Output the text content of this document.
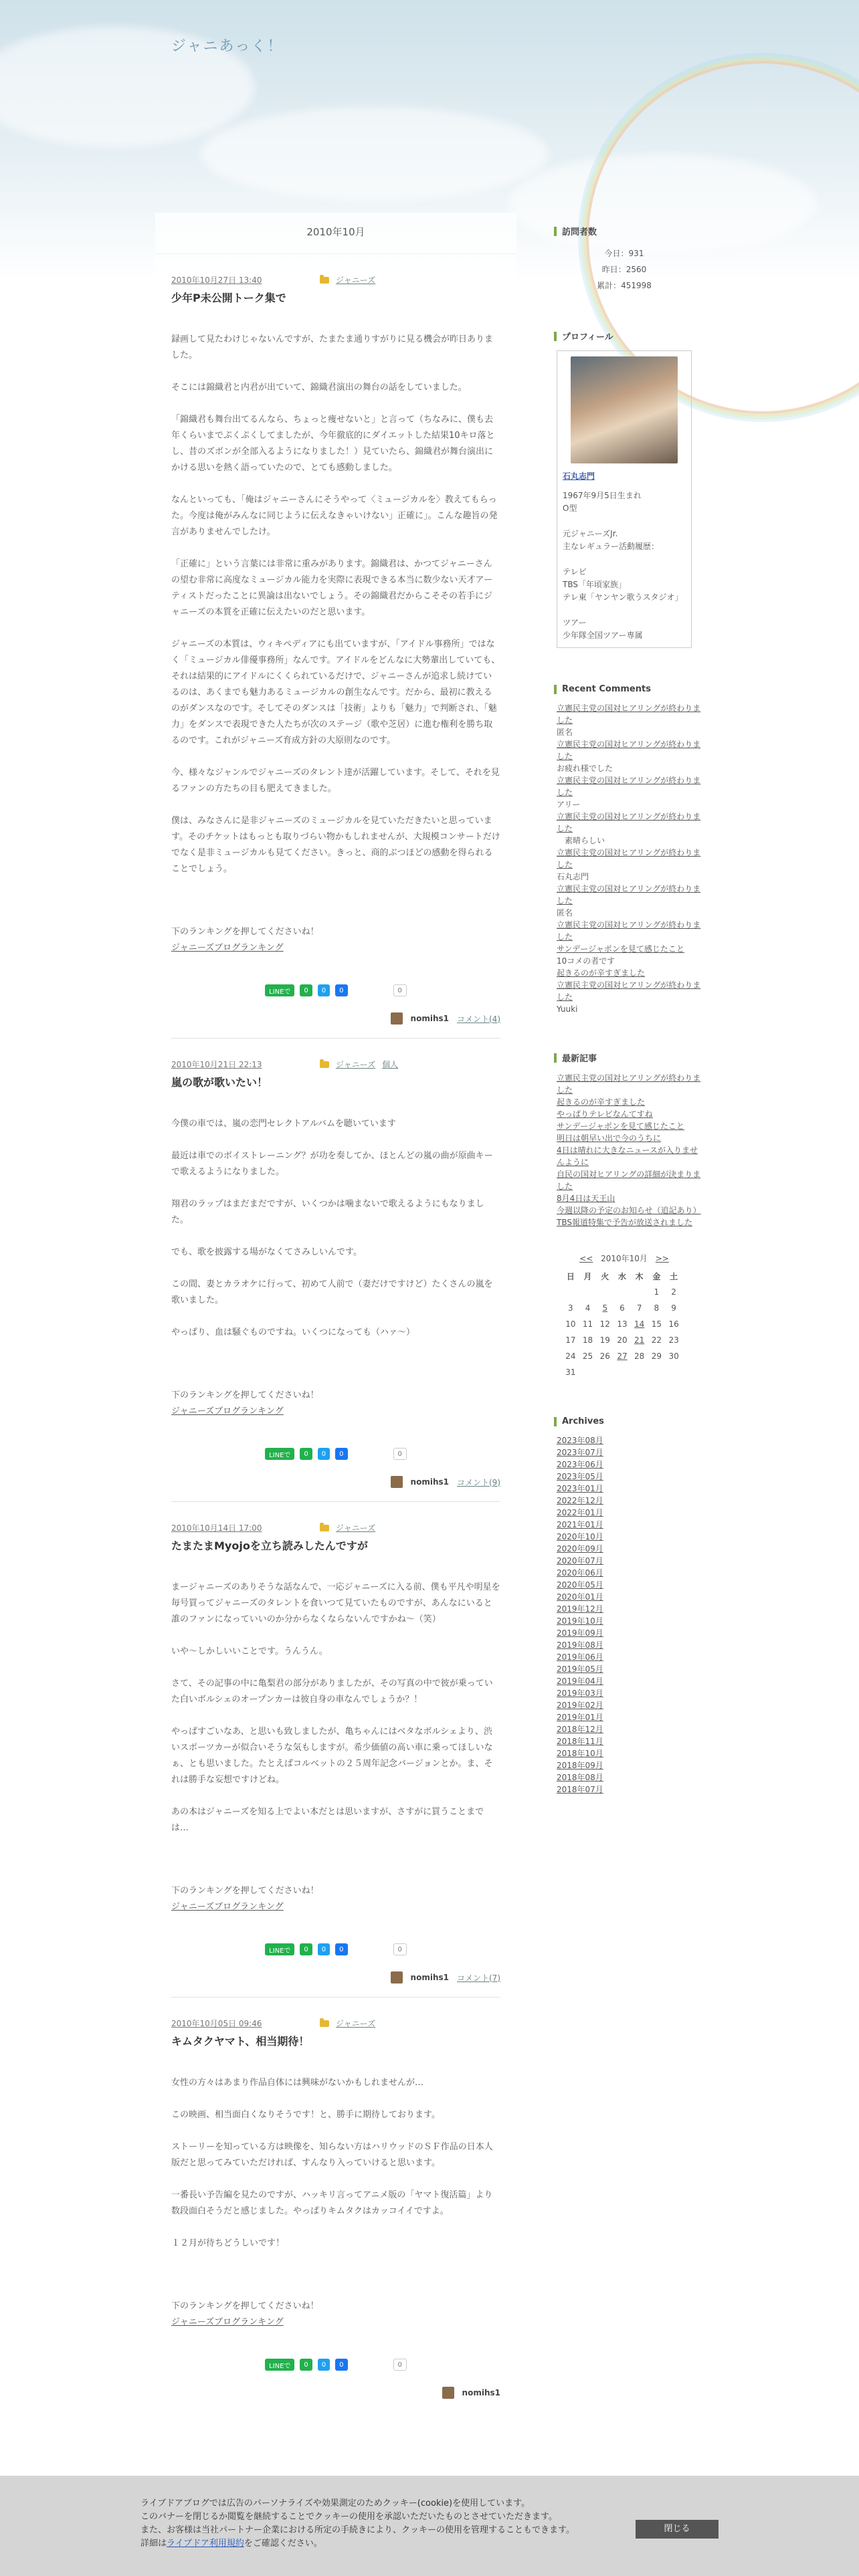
ジャニあっく！
2010年10月
2010年10月27日 13:40	ジャニーズ
少年P未公開トーク集で

録画して見たわけじゃないんですが、たまたま通りすがりに見る機会が昨日ありました。

そこには錦織君と内君が出ていて、錦織君演出の舞台の話をしていました。

「錦織君も舞台出てるんなら、ちょっと痩せないと」と言って（ちなみに、僕も去年くらいまでぷくぷくしてましたが、今年徹底的にダイエットした結果10キロ落とし、昔のズボンが全部入るようになりました！）見ていたら、錦織君が舞台演出にかける思いを熱く語っていたので、とても感動しました。

なんといっても、「俺はジャニーさんにそうやって〈ミュージカルを〉教えてもらった。今度は俺がみんなに同じように伝えなきゃいけない」正確に」。こんな趣旨の発言がありませんでしたけ。

「正確に」という言葉には非常に重みがあります。錦織君は、かつてジャニーさんの望む非常に高度なミュージカル能力を実際に表現できる本当に数少ない天才アーティストだったことに異論は出ないでしょう。その錦織君だからこそその若手にジャニーズの本質を正確に伝えたいのだと思います。

ジャニーズの本質は、ウィキペディアにも出ていますが、「アイドル事務所」ではなく「ミュージカル俳優事務所」なんです。アイドルをどんなに大勢輩出していても、それは結果的にアイドルにくくられているだけで、ジャニーさんが追求し続けているのは、あくまでも魅力あるミュージカルの創生なんです。だから、最初に教えるのがダンスなのです。そしてそのダンスは「技術」よりも「魅力」で判断され、「魅力」をダンスで表現できた人たちが次のステージ（歌や芝居）に進む権利を勝ち取るのです。これがジャニーズ育成方針の大原則なのです。

今、様々なジャンルでジャニーズのタレント達が活躍しています。そして、それを見るファンの方たちの目も肥えてきました。

僕は、みなさんに是非ジャニーズのミュージカルを見ていただきたいと思っています。そのチケットはもっとも取りづらい物かもしれませんが、大規模コンサートだけでなく是非ミュージカルも見てください。きっと、商的ぶつほどの感動を得られることでしょう。

下のランキングを押してくださいね！
ジャニーズブログランキング
LINEで	0	0	0	0
nomihs1 コメント(4)
2010年10月21日 22:13	ジャニーズ 個人
嵐の歌が歌いたい！

今僕の車では、嵐の恋門セレクトアルバムを聴いています

最近は車でのボイストレーニング？が功を奏してか、ほとんどの嵐の曲が原曲キーで歌えるようになりました。

翔君のラップはまだまだですが、いくつかは噛まないで歌えるようにもなりました。

でも、歌を披露する場がなくてさみしいんです。

この間、妻とカラオケに行って、初めて人前で（妻だけですけど）たくさんの嵐を歌いました。

やっぱり、血は騒ぐものですね。いくつになっても（ハァ〜）

下のランキングを押してくださいね！
ジャニーズブログランキング
LINEで	0	0	0	0
nomihs1 コメント(9)
2010年10月14日 17:00	ジャニーズ
たまたまMyojoを立ち読みしたんですが

まージャニーズのありそうな話なんで、一応ジャニーズに入る前、僕も平凡や明星を毎号買ってジャニーズのタレントを食いつて見ていたものですが、あんなにいると誰のファンになっていいのか分からなくならないんですかね〜（笑）

いや〜しかしいいことです。うんうん。

さて、その記事の中に亀梨君の部分がありましたが、その写真の中で彼が乗っていた白いボルシェのオープンカーは彼自身の車なんでしょうか？！

やっぱすごいなあ、と思いも致しましたが、亀ちゃんにはベタなボルシェより、渋いスポーツカーが似合いそうな気もしますが。希少価値の高い車に乗ってほしいなぁ、とも思いました。たとえばコルベットの２５周年記念バージョンとか。ま、それは勝手な妄想ですけどね。

あの本はジャニーズを知る上でよい本だとは思いますが、さすがに買うことまでは…

下のランキングを押してくださいね！
ジャニーズブログランキング
LINEで	0	0	0	0
nomihs1 コメント(7)
2010年10月05日 09:46	ジャニーズ
キムタクヤマト、相当期待！

女性の方々はあまり作品自体には興味がないかもしれませんが…

この映画、相当面白くなりそうです！と、勝手に期待しております。

ストーリーを知っている方は映像を、知らない方はハリウッドのＳＦ作品の日本人版だと思ってみていただければ、すんなり入っていけると思います。

一番長い予告編を見たのですが、ハッキリ言ってアニメ版の「ヤマト復活篇」より数段面白そうだと感じました。やっぱりキムタクはカッコイイですよ。

１２月が待ちどうしいです！

下のランキングを押してくださいね！
ジャニーズブログランキング
LINEで	0	0	0	0
nomihs1
訪問者数
今日：931
昨日：2560
累計：451998
プロフィール
石丸志門
1967年9月5日生まれ
O型

元ジャニーズJr.
主なレギュラー活動履歴：

テレビ
TBS「年頃家族」
テレ東「ヤンヤン歌うスタジオ」

ツアー
少年隊全国ツアー専属
Recent Comments
立憲民主党の国対ヒアリングが終わりました
匿名
立憲民主党の国対ヒアリングが終わりました
お疲れ様でした
立憲民主党の国対ヒアリングが終わりました
アリー
立憲民主党の国対ヒアリングが終わりました
　素晴らしい
立憲民主党の国対ヒアリングが終わりました
石丸志門
立憲民主党の国対ヒアリングが終わりました
匿名
立憲民主党の国対ヒアリングが終わりました
サンデージャポンを見て感じたこと
10コメの者です
起きるのが辛すぎました
立憲民主党の国対ヒアリングが終わりました
Yuuki
最新記事
立憲民主党の国対ヒアリングが終わりました
起きるのが辛すぎました
やっぱりテレビなんてすね
サンデージャポンを見て感じたこと
明日は朝早い出で今のうちに
4日は晴れに大きなニュースが入りませんように
自民の国対ヒアリングの詳細が決まりました
8月4日は天王山
今週以降の予定のお知らせ（追記あり）
TBS報道特集で予告が放送されました
<< 2010年10月 >>
日	月	火	水	木	金	土
					1	2
3	4	5	6	7	8	9
10	11	12	13	14	15	16
17	18	19	20	21	22	23
24	25	26	27	28	29	30
31						
Archives
2023年08月
2023年07月
2023年06月
2023年05月
2023年01月
2022年12月
2022年01月
2021年01月
2020年10月
2020年09月
2020年07月
2020年06月
2020年05月
2020年01月
2019年12月
2019年10月
2019年09月
2019年08月
2019年06月
2019年05月
2019年04月
2019年03月
2019年02月
2019年01月
2018年12月
2018年11月
2018年10月
2018年09月
2018年08月
2018年07月
ライブドアブログでは広告のパーソナライズや効果測定のためクッキー(cookie)を使用しています。
このバナーを閉じるか閲覧を継続することでクッキーの使用を承認いただいたものとさせていただきます。
また、お客様は当社パートナー企業における所定の手続きにより、クッキーの使用を管理することもできます。
詳細はライブドア利用規約をご確認ください。
閉じる
